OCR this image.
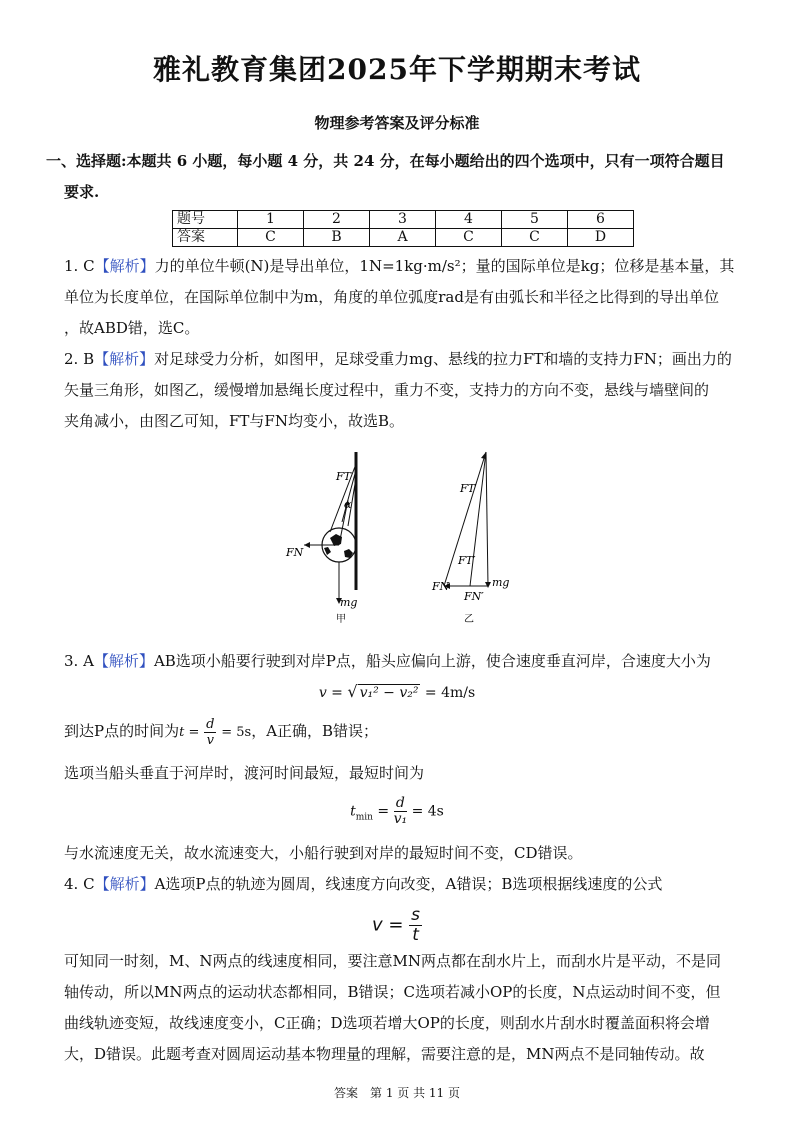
雅礼教育集团2025年下学期期末考试
物理参考答案及评分标准
一、选择题:本题共 6 小题，每小题 4 分，共 24 分，在每小题给出的四个选项中，只有一项符合题目
要求.
题号	1	2	3	4	5	6
答案	C	B	A	C	C	D
1. C【解析】力的单位牛顿(N)是导出单位，1N=1kg·m/s²；量的国际单位是kg；位移是基本量，其
单位为长度单位，在国际单位制中为m，角度的单位弧度rad是有由弧长和半径之比得到的导出单位
，故ABD错，选C。
2. B【解析】对足球受力分析，如图甲，足球受重力mg、悬线的拉力FT和墙的支持力FN；画出力的
矢量三角形，如图乙，缓慢增加悬绳长度过程中，重力不变，支持力的方向不变，悬线与墙壁间的
夹角减小，由图乙可知，FT与FN均变小，故选B。
FT
α
FN
mg
甲
FT
FT′
FN
FN′
mg
乙
3. A【解析】AB选项小船要行驶到对岸P点，船头应偏向上游，使合速度垂直河岸，合速度大小为
v = √ v₁² − v₂² = 4m/s
到达P点的时间为$t = \frac{d}{v} = 5s$，A正确，B错误；
选项当船头垂直于河岸时，渡河时间最短，最短时间为
$t_{min} = \frac{d}{\text{v₁}} = 4s$
与水流速度无关，故水流速变大，小船行驶到对岸的最短时间不变，CD错误。
4. C【解析】A选项P点的轨迹为圆周，线速度方向改变，A错误；B选项根据线速度的公式
$v = \frac{s}{t}$
可知同一时刻，M、N两点的线速度相同，要注意MN两点都在刮水片上，而刮水片是平动，不是同
轴传动，所以MN两点的运动状态都相同，B错误；C选项若减小OP的长度，N点运动时间不变，但
曲线轨迹变短，故线速度变小，C正确；D选项若增大OP的长度，则刮水片刮水时覆盖面积将会增
大，D错误。此题考查对圆周运动基本物理量的理解，需要注意的是，MN两点不是同轴传动。故
答案　第 1 页 共 11 页
